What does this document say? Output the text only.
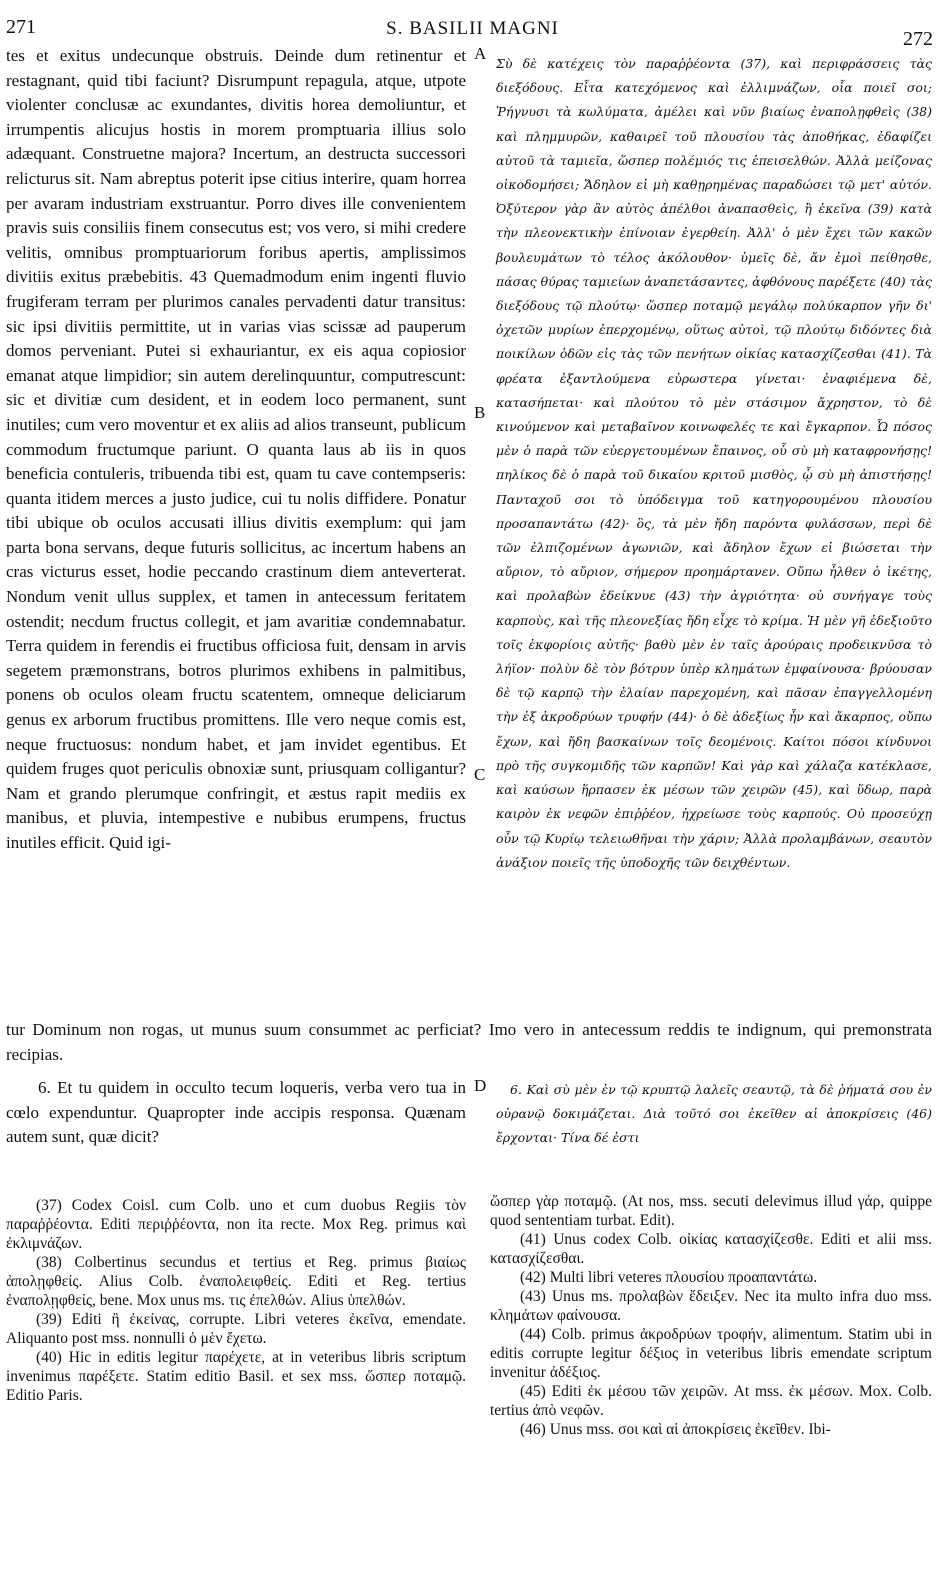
271	S. BASILII MAGNI	272
A
B
C
D

tes et exitus undecunque obstruis. Deinde dum retinentur et restagnant, quid tibi faciunt? Disrumpunt repagula, atque, utpote violenter conclusæ ac exundantes, divitis horea demoliuntur, et irrumpentis alicujus hostis in morem promptuaria illius solo adæquant. Construetne majora? Incertum, an destructa successori relicturus sit. Nam abreptus poterit ipse citius interire, quam horrea per avaram industriam exstruantur. Porro dives ille convenientem pravis suis consiliis finem consecutus est; vos vero, si mihi credere velitis, omnibus promptuariorum foribus apertis, amplissimos divitiis exitus præbebitis. 43 Quemadmodum enim ingenti fluvio frugiferam terram per plurimos canales pervadenti datur transitus: sic ipsi divitiis permittite, ut in varias vias scissæ ad pauperum domos perveniant. Putei si exhauriantur, ex eis aqua copiosior emanat atque limpidior; sin autem derelinquuntur, computrescunt: sic et divitiæ cum desident, et in eodem loco permanent, sunt inutiles; cum vero moventur et ex aliis ad alios transeunt, publicum commodum fructumque pariunt. O quanta laus ab iis in quos beneficia contuleris, tribuenda tibi est, quam tu cave contempseris: quanta itidem merces a justo judice, cui tu nolis diffidere. Ponatur tibi ubique ob oculos accusati illius divitis exemplum: qui jam parta bona servans, deque futuris sollicitus, ac incertum habens an cras victurus esset, hodie peccando crastinum diem anteverterat. Nondum venit ullus supplex, et tamen in antecessum feritatem ostendit; necdum fructus collegit, et jam avaritiæ condemnabatur. Terra quidem in ferendis ei fructibus officiosa fuit, densam in arvis segetem præmonstrans, botros plurimos exhibens in palmitibus, ponens ob oculos oleam fructu scatentem, omneque deliciarum genus ex arborum fructibus promittens. Ille vero neque comis est, neque fructuosus: nondum habet, et jam invidet egentibus. Et quidem fruges quot periculis obnoxiæ sunt, priusquam colligantur? Nam et grando plerumque confringit, et æstus rapit mediis ex manibus, et pluvia, intempestive e nubibus erumpens, fructus inutiles efficit. Quid igi-

Σὺ δὲ κατέχεις τὸν παραῤῥέοντα (37), καὶ περιφράσσεις τὰς διεξόδους. Εἶτα κατεχόμενος καὶ ἐλλιμνάζων, οἷα ποιεῖ σοι; Ῥήγνυσι τὰ κωλύματα, ἀμέλει καὶ νῦν βιαίως ἐναπολῃφθεὶς (38) καὶ πλημμυρῶν, καθαιρεῖ τοῦ πλουσίου τὰς ἀποθήκας, ἐδαφίζει αὐτοῦ τὰ ταμιεῖα, ὥσπερ πολέμιός τις ἐπεισελθών. Ἀλλὰ μείζονας οἰκοδομήσει; Ἄδηλον εἰ μὴ καθῃρημένας παραδώσει τῷ μετ' αὐτόν. Ὀξύτερον γὰρ ἂν αὐτὸς ἀπέλθοι ἀναπασθεὶς, ἢ ἐκεῖνα (39) κατὰ τὴν πλεονεκτικὴν ἐπίνοιαν ἐγερθείη. Ἀλλ' ὁ μὲν ἔχει τῶν κακῶν βουλευμάτων τὸ τέλος ἀκόλουθον· ὑμεῖς δὲ, ἄν ἐμοὶ πείθησθε, πάσας θύρας ταμιείων ἀναπετάσαντες, ἀφθόνους παρέξετε (40) τὰς διεξόδους τῷ πλούτῳ· ὥσπερ ποταμῷ μεγάλῳ πολύκαρπον γῆν δι' ὀχετῶν μυρίων ἐπερχομένῳ, οὕτως αὐτοὶ, τῷ πλούτῳ διδόντες διὰ ποικίλων ὁδῶν εἰς τὰς τῶν πενήτων οἰκίας κατασχίζεσθαι (41). Τὰ φρέατα ἐξαντλούμενα εὐρωστερα γίνεται· ἐναφιέμενα δὲ, κατασήπεται· καὶ πλούτου τὸ μὲν στάσιμον ἄχρηστον, τὸ δὲ κινούμενον καὶ μεταβαῖνον κοινωφελές τε καὶ ἔγκαρπον. Ὦ πόσος μὲν ὁ παρὰ τῶν εὐεργετουμένων ἔπαινος, οὗ σὺ μὴ καταφρονήσῃς! πηλίκος δὲ ὁ παρὰ τοῦ δικαίου κριτοῦ μισθὸς, ᾧ σὺ μὴ ἀπιστήσῃς! Πανταχοῦ σοι τὸ ὑπόδειγμα τοῦ κατηγορουμένου πλουσίου προσαπαντάτω (42)· ὃς, τὰ μὲν ἤδη παρόντα φυλάσσων, περὶ δὲ τῶν ἐλπιζομένων ἀγωνιῶν, καὶ ἄδηλον ἔχων εἰ βιώσεται τὴν αὔριον, τὸ αὔριον, σήμερον προημάρτανεν. Οὔπω ἦλθεν ὁ ἱκέτης, καὶ προλαβὼν ἐδείκνυε (43) τὴν ἀγριότητα· οὐ συνήγαγε τοὺς καρποὺς, καὶ τῆς πλεονεξίας ἤδη εἶχε τὸ κρίμα. Ἡ μὲν γῆ ἐδεξιοῦτο τοῖς ἐκφορίοις αὐτῆς· βαθὺ μὲν ἐν ταῖς ἀρούραις προδεικνῦσα τὸ λήϊον· πολὺν δὲ τὸν βότρυν ὑπὲρ κλημάτων ἐμφαίνουσα· βρύουσαν δὲ τῷ καρπῷ τὴν ἐλαίαν παρεχομένη, καὶ πᾶσαν ἐπαγγελλομένη τὴν ἐξ ἀκροδρύων τρυφήν (44)· ὁ δὲ ἀδεξίως ἦν καὶ ἄκαρπος, οὔπω ἔχων, καὶ ἤδη βασκαίνων τοῖς δεομένοις. Καίτοι πόσοι κίνδυνοι πρὸ τῆς συγκομιδῆς τῶν καρπῶν! Καὶ γὰρ καὶ χάλαζα κατέκλασε, καὶ καύσων ἥρπασεν ἐκ μέσων τῶν χειρῶν (45), καὶ ὕδωρ, παρὰ καιρὸν ἐκ νεφῶν ἐπιῤῥέον, ἠχρείωσε τοὺς καρπούς. Οὐ προσεύχῃ οὖν τῷ Κυρίῳ τελειωθῆναι τὴν χάριν; Ἀλλὰ προλαμβάνων, σεαυτὸν ἀνάξιον ποιεῖς τῆς ὑποδοχῆς τῶν δειχθέντων.

tur Dominum non rogas, ut munus suum consummet ac perficiat? Imo vero in antecessum reddis te indignum, qui premonstrata recipias.

6. Et tu quidem in occulto tecum loqueris, verba vero tua in cœlo expenduntur. Quapropter inde accipis responsa. Quænam autem sunt, quæ dicit?

6. Καὶ σὺ μὲν ἐν τῷ κρυπτῷ λαλεῖς σεαυτῷ, τὰ δὲ ῥήματά σου ἐν οὐρανῷ δοκιμάζεται. Διὰ τοῦτό σοι ἐκεῖθεν αἱ ἀποκρίσεις (46) ἔρχονται· Τίνα δέ ἐστι

(37) Codex Coisl. cum Colb. uno et cum duobus Regiis τὸν παραῤῥέοντα. Editi περιῤῥέοντα, non ita recte. Mox Reg. primus καὶ ἐκλιμνάζων.

(38) Colbertinus secundus et tertius et Reg. primus βιαίως ἀπολῃφθείς. Alius Colb. ἐναπολειφθείς. Editi et Reg. tertius ἐναπολῃφθείς, bene. Mox unus ms. τις ἐπελθών. Alius ὑπελθών.

(39) Editi ἢ ἐκείνας, corrupte. Libri veteres ἐκεῖνα, emendate. Aliquanto post mss. nonnulli ὁ μὲν ἔχετω.

(40) Hic in editis legitur παρέχετε, at in veteribus libris scriptum invenimus παρέξετε. Statim editio Basil. et sex mss. ὥσπερ ποταμῷ. Editio Paris.

ὥσπερ γὰρ ποταμῷ. (At nos, mss. secuti delevimus illud γάρ, quippe quod sententiam turbat. Edit).

(41) Unus codex Colb. οἰκίας κατασχίζεσθε. Editi et alii mss. κατασχίζεσθαι.

(42) Multi libri veteres πλουσίου προαπαντάτω.

(43) Unus ms. προλαβὼν ἔδειξεν. Nec ita multo infra duo mss. κλημάτων φαίνουσα.

(44) Colb. primus ἀκροδρύων τροφήν, alimentum. Statim ubi in editis corrupte legitur δέξιος in veteribus libris emendate scriptum invenitur ἀδέξιος.

(45) Editi ἐκ μέσου τῶν χειρῶν. At mss. ἐκ μέσων. Mox. Colb. tertius ἀπὸ νεφῶν.

(46) Unus mss. σοι καὶ αἱ ἀποκρίσεις ἐκεῖθεν. Ibi-
